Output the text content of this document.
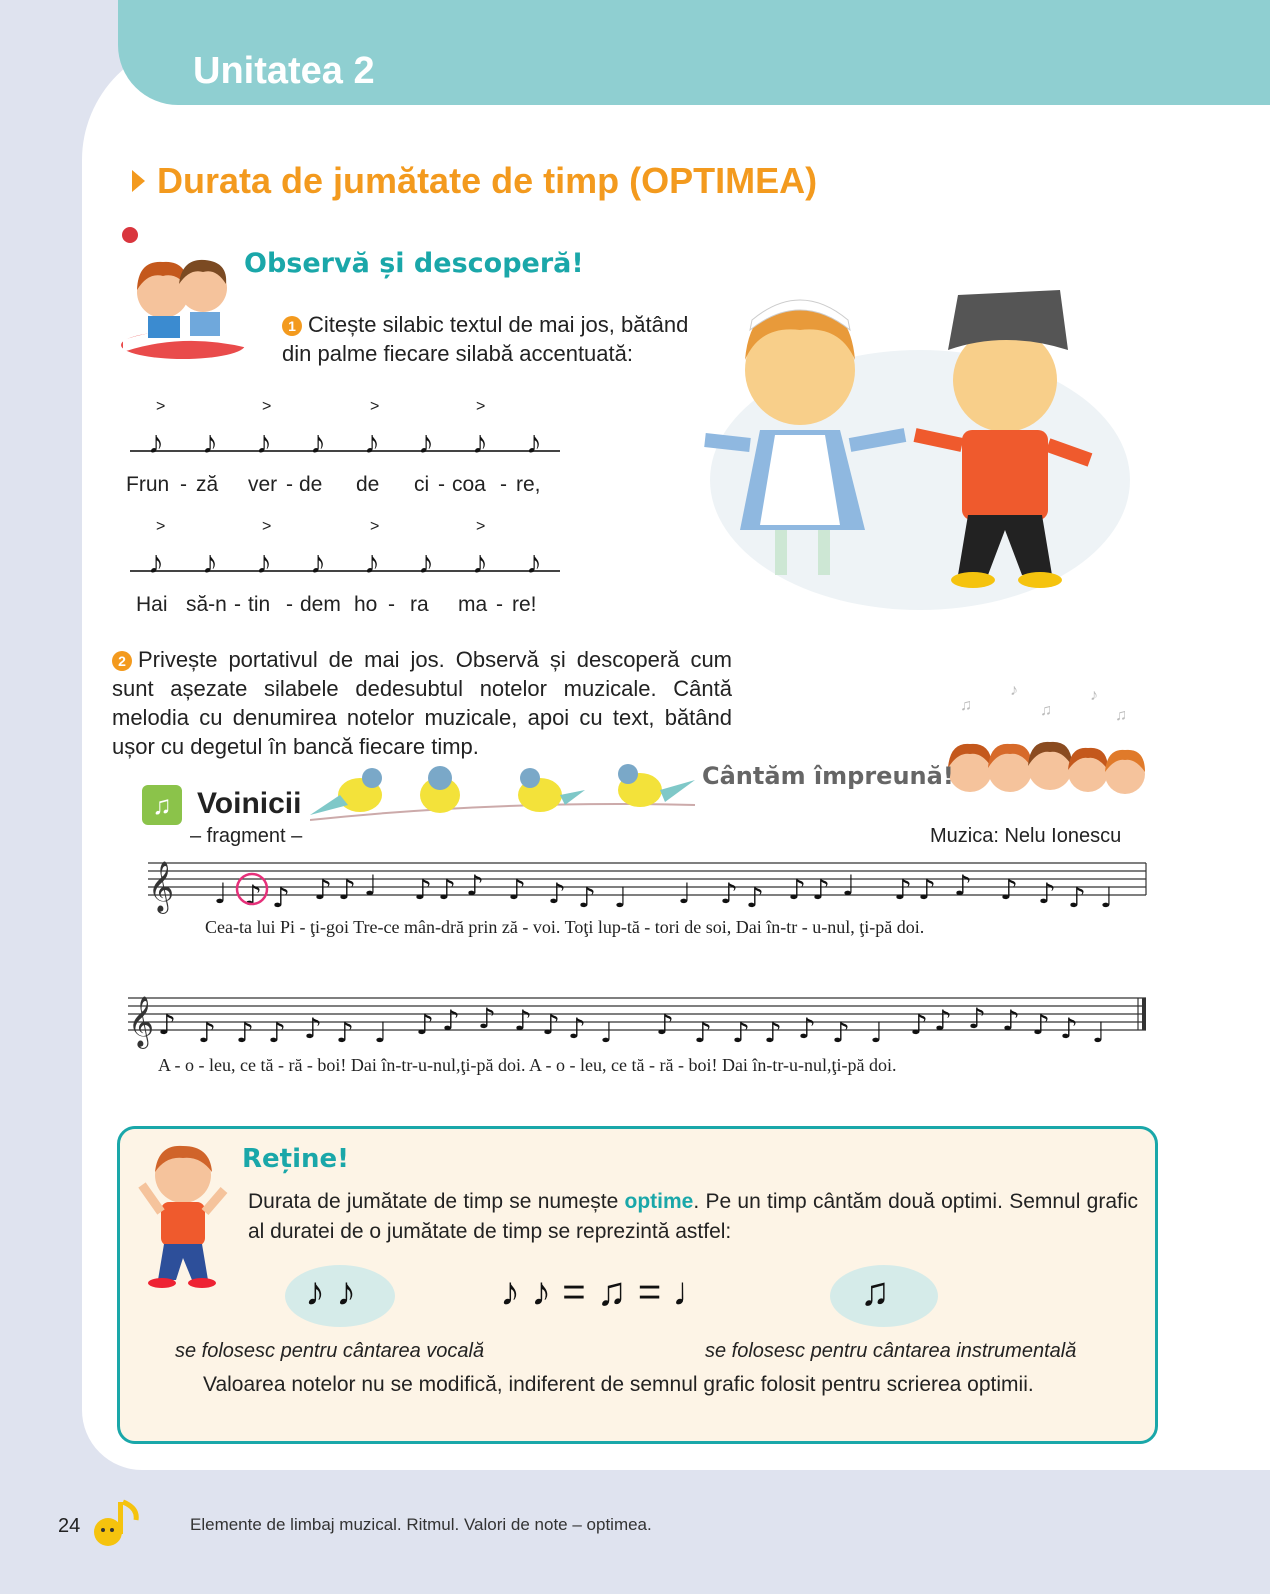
Unitatea 2
Durata de jumătate de timp (OPTIMEA)
Observă și descoperă!
1 Citește silabic textul de mai jos, bătând din palme fiecare silabă accentuată:
>	>	>	>
♪ ♪ ♪ ♪ ♪ ♪ ♪ ♪
Frun - ză ver - de de ci - coa - re,
>	>	>	>
♪ ♪ ♪ ♪ ♪ ♪ ♪ ♪
Hai să-n - tin - dem ho - ra ma - re!
2 Privește portativul de mai jos. Observă și descoperă cum sunt așezate silabele dedesubtul notelor muzicale. Cântă melodia cu denumirea notelor muzicale, apoi cu text, bătând ușor cu degetul în bancă fiecare timp.
♫
♪
♫
♪
♫
Cântăm împreună!
♫ Voinicii
– fragment –	Muzica: Nelu Ionescu
𝄞 ♩ ♪ ♪ ♪ ♪ ♩ ♪ ♪ ♪ ♪ ♪ ♪ ♩ ♩ ♪ ♪ ♪ ♪ ♩ ♪ ♪ ♪ ♪ ♪ ♪ ♩
Cea-ta lui Pi - ţi-goi Tre-ce mân-dră prin ză - voi. Toţi lup-tă - tori de soi, Dai în-tr - u-nul, ţi-pă doi.
𝄞 ♪ ♪ ♪ ♪ ♪ ♪ ♩ ♪ ♪ ♪ ♪ ♪ ♪ ♩ ♪ ♪ ♪ ♪ ♪ ♪ ♩ ♪ ♪ ♪ ♪ ♪ ♪ ♩
A - o - leu, ce tă - ră - boi! Dai în-tr-u-nul,ţi-pă doi. A - o - leu, ce tă - ră - boi! Dai în-tr-u-nul,ţi-pă doi.
Reține!
Durata de jumătate de timp se numește optime. Pe un timp cântăm două optimi. Semnul grafic al duratei de o jumătate de timp se reprezintă astfel:
♪ ♪	♪ ♪ = ♫ = ♩	♫
se folosesc pentru cântarea vocală	se folosesc pentru cântarea instrumentală
Valoarea notelor nu se modifică, indiferent de semnul grafic folosit pentru scrierea optimii.
24	Elemente de limbaj muzical. Ritmul. Valori de note – optimea.
